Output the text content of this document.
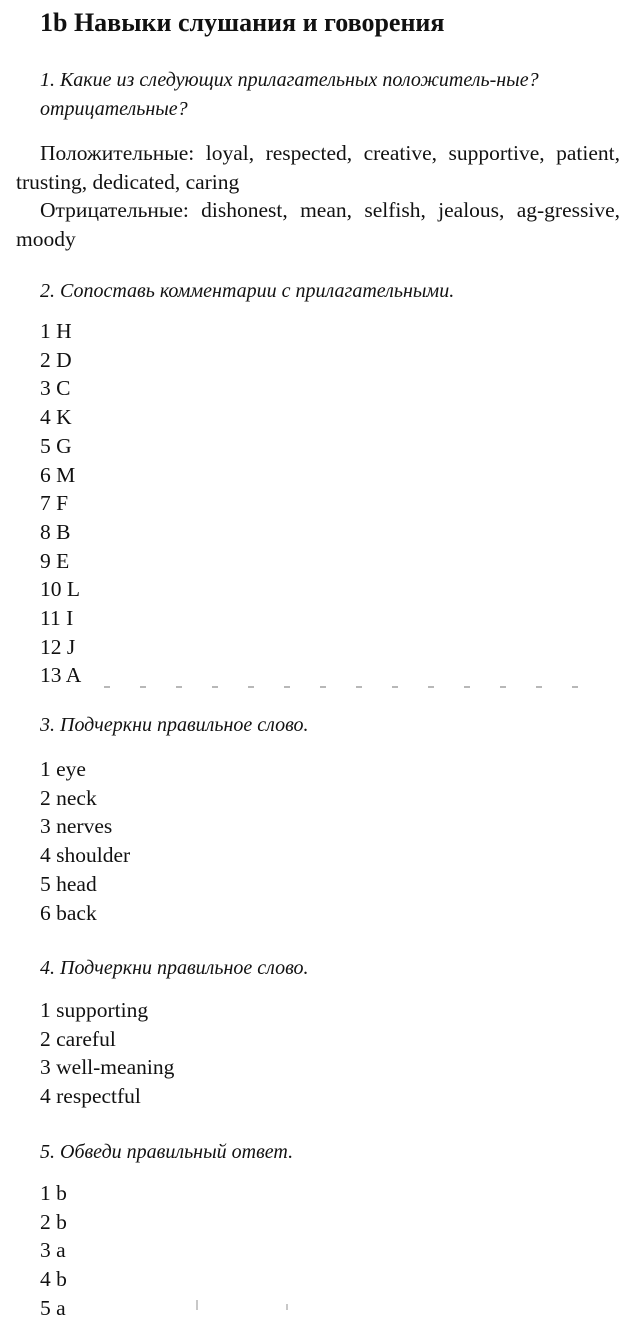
1b Навыки слушания и говорения
1. Какие из следующих прилагательных положитель-ные? отрицательные?
Положительные: loyal, respected, creative, supportive, patient, trusting, dedicated, caring
Отрицательные: dishonest, mean, selfish, jealous, ag-gressive, moody
2. Сопоставь комментарии с прилагательными.
1 H
2 D
3 C
4 K
5 G
6 M
7 F
8 B
9 E
10 L
11 I
12 J
13 A
3. Подчеркни правильное слово.
1 eye
2 neck
3 nerves
4 shoulder
5 head
6 back
4. Подчеркни правильное слово.
1 supporting
2 careful
3 well-meaning
4 respectful
5. Обведи правильный ответ.
1 b
2 b
3 a
4 b
5 a
